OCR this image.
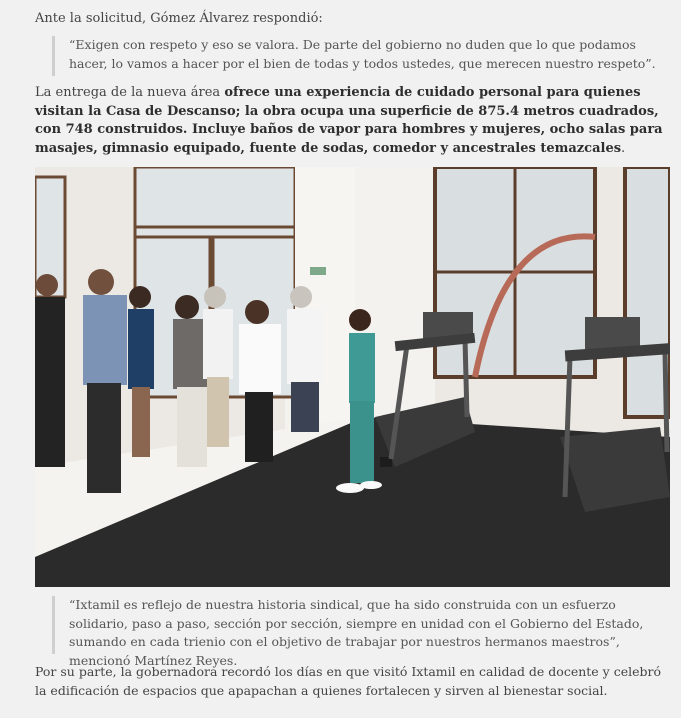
Ante la solicitud, Gómez Álvarez respondió:

“Exigen con respeto y eso se valora. De parte del gobierno no duden que lo que podamos hacer, lo vamos a hacer por el bien de todas y todos ustedes, que merecen nuestro respeto”.

La entrega de la nueva área ofrece una experiencia de cuidado personal para quienes visitan la Casa de Descanso; la obra ocupa una superficie de 875.4 metros cuadrados, con 748 construidos. Incluye baños de vapor para hombres y mujeres, ocho salas para masajes, gimnasio equipado, fuente de sodas, comedor y ancestrales temazcales.

“Ixtamil es reflejo de nuestra historia sindical, que ha sido construida con un esfuerzo solidario, paso a paso, sección por sección, siempre en unidad con el Gobierno del Estado, sumando en cada trienio con el objetivo de trabajar por nuestros hermanos maestros”, mencionó Martínez Reyes.

Por su parte, la gobernadora recordó los días en que visitó Ixtamil en calidad de docente y celebró la edificación de espacios que apapachan a quienes fortalecen y sirven al bienestar social.
